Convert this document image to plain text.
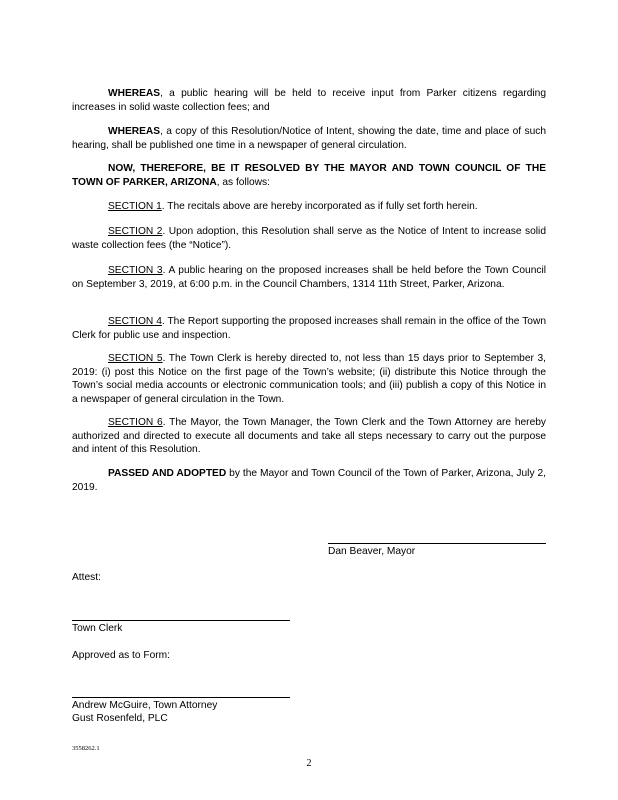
WHEREAS, a public hearing will be held to receive input from Parker citizens regarding increases in solid waste collection fees; and

WHEREAS, a copy of this Resolution/Notice of Intent, showing the date, time and place of such hearing, shall be published one time in a newspaper of general circulation.

NOW, THEREFORE, BE IT RESOLVED BY THE MAYOR AND TOWN COUNCIL OF THE TOWN OF PARKER, ARIZONA, as follows:

SECTION 1. The recitals above are hereby incorporated as if fully set forth herein.

SECTION 2. Upon adoption, this Resolution shall serve as the Notice of Intent to increase solid waste collection fees (the “Notice”).

SECTION 3. A public hearing on the proposed increases shall be held before the Town Council on September 3, 2019, at 6:00 p.m. in the Council Chambers, 1314 11th Street, Parker, Arizona.

SECTION 4. The Report supporting the proposed increases shall remain in the office of the Town Clerk for public use and inspection.

SECTION 5. The Town Clerk is hereby directed to, not less than 15 days prior to September 3, 2019: (i) post this Notice on the first page of the Town’s website; (ii) distribute this Notice through the Town’s social media accounts or electronic communication tools; and (iii) publish a copy of this Notice in a newspaper of general circulation in the Town.

SECTION 6. The Mayor, the Town Manager, the Town Clerk and the Town Attorney are hereby authorized and directed to execute all documents and take all steps necessary to carry out the purpose and intent of this Resolution.

PASSED AND ADOPTED by the Mayor and Town Council of the Town of Parker, Arizona, July 2, 2019.

Dan Beaver, Mayor
Attest:
Town Clerk
Approved as to Form:
Andrew McGuire, Town Attorney
Gust Rosenfeld, PLC
3558262.1
2
